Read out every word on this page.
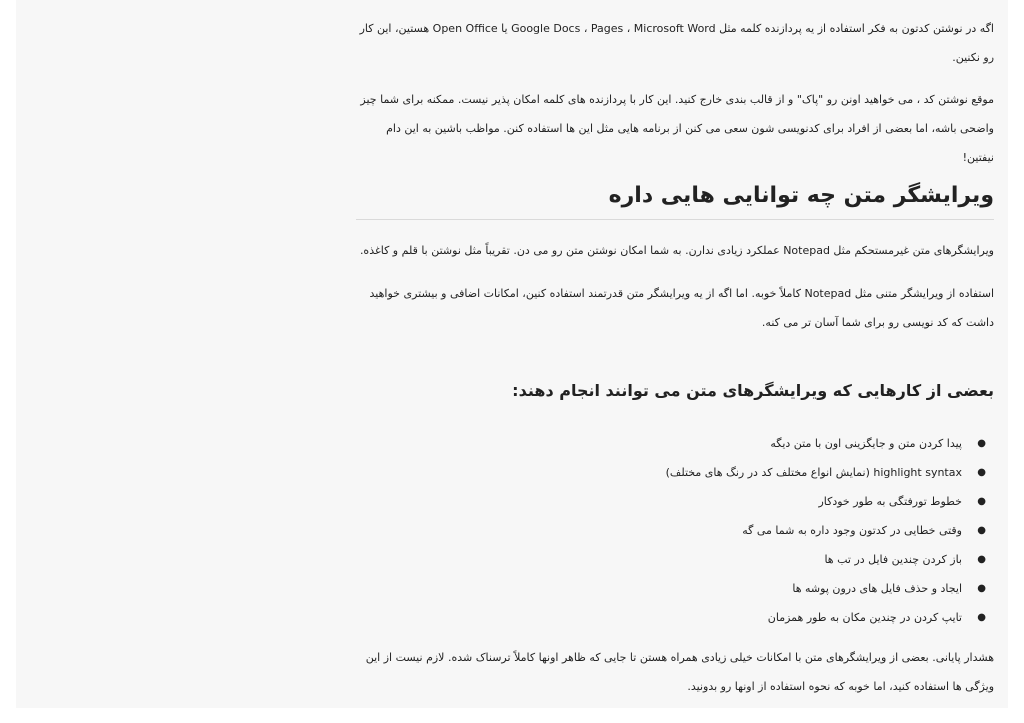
اگه در نوشتن کدتون به فکر استفاده از یه پردازنده کلمه مثل Google Docs ، Pages ، Microsoft Word یا Open Office هستین، این کار رو نکنین.

موقع نوشتن کد ، می خواهید اونن رو "پاک" و از قالب بندی خارج کنید. این کار با پردازنده های کلمه امکان پذیر نیست. ممکنه برای شما چیز واضحی باشه، اما بعضی از افراد برای کدنویسی شون سعی می کنن از برنامه هایی مثل این ها استفاده کنن. مواظب باشین به این دام نیفتین!

ویرایشگر متن چه توانایی هایی داره

ویرایشگرهای متن غیرمستحکم مثل Notepad عملکرد زیادی ندارن. به شما امکان نوشتن متن رو می دن. تقریباً مثل نوشتن با قلم و کاغذه.

استفاده از ویرایشگر متنی مثل Notepad کاملاً خوبه. اما اگه از یه ویرایشگر متن قدرتمند استفاده کنین، امکانات اضافی و بیشتری خواهید داشت که کد نویسی رو برای شما آسان تر می کنه.

بعضی از کارهایی که ویرایشگرهای متن می توانند انجام دهند:
●
پیدا کردن متن و جایگزینی اون با متن دیگه
●
highlight syntax (نمایش انواع مختلف کد در رنگ های مختلف)
●
خطوط تورفتگی به طور خودکار
●
وقتی خطایی در کدتون وجود داره به شما می گه
●
باز کردن چندین فایل در تب ها
●
ایجاد و حذف فایل های درون پوشه ها
●
تایپ کردن در چندین مکان به طور همزمان

هشدار پایانی. بعضی از ویرایشگرهای متن با امکانات خیلی زیادی همراه هستن تا جایی که ظاهر اونها کاملاً ترسناک شده. لازم نیست از این ویژگی ها استفاده کنید، اما خوبه که نحوه استفاده از اونها رو بدونید.
